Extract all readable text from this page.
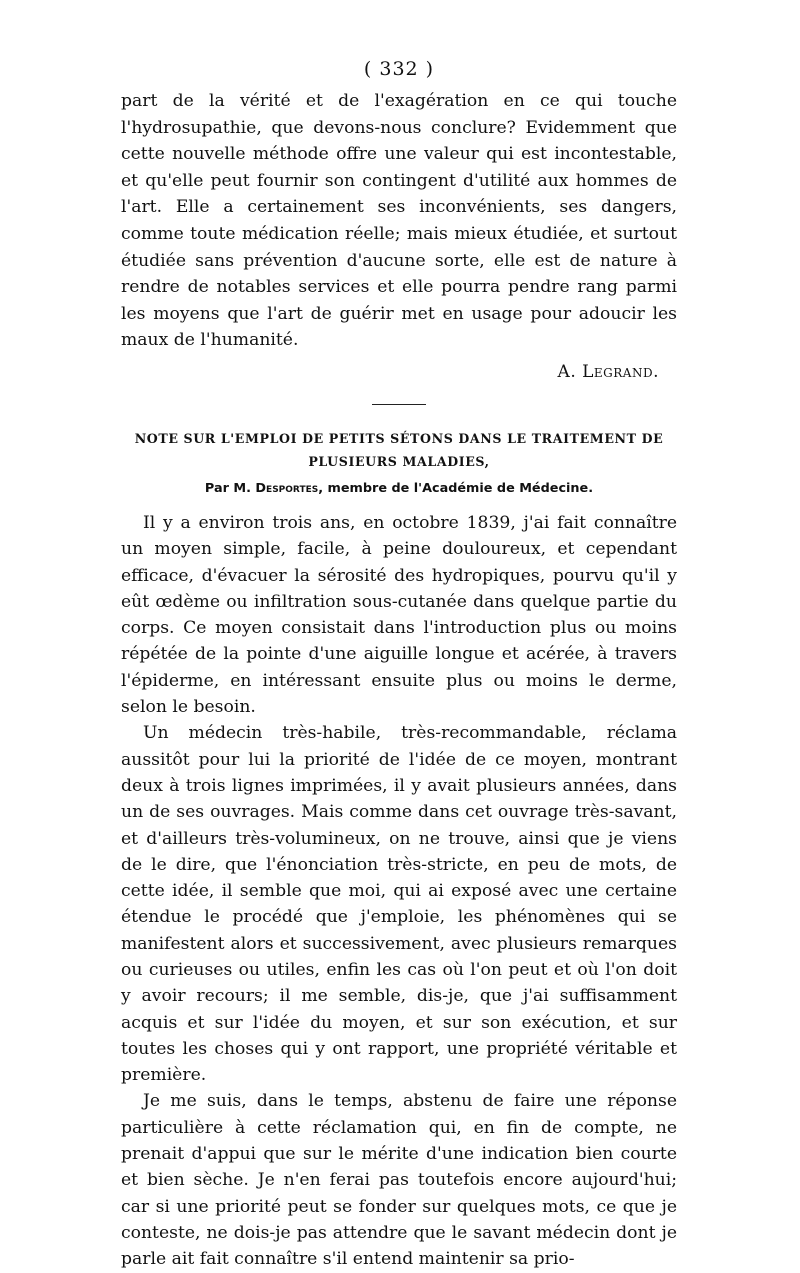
( 332 )

part de la vérité et de l'exagération en ce qui touche l'hydrosupathie, que devons-nous conclure? Evidemment que cette nouvelle méthode offre une valeur qui est incontestable, et qu'elle peut fournir son contingent d'utilité aux hommes de l'art. Elle a certainement ses inconvénients, ses dangers, comme toute médication réelle; mais mieux étudiée, et surtout étudiée sans prévention d'aucune sorte, elle est de nature à rendre de notables services et elle pourra pendre rang parmi les moyens que l'art de guérir met en usage pour adoucir les maux de l'humanité.

A. Legrand.
NOTE SUR L'EMPLOI DE PETITS SÉTONS DANS LE TRAITEMENT DE PLUSIEURS MALADIES,
Par M. Desportes, membre de l'Académie de Médecine.

Il y a environ trois ans, en octobre 1839, j'ai fait connaître un moyen simple, facile, à peine douloureux, et cependant efficace, d'évacuer la sérosité des hydropiques, pourvu qu'il y eût œdème ou infiltration sous-cutanée dans quelque partie du corps. Ce moyen consistait dans l'introduction plus ou moins répétée de la pointe d'une aiguille longue et acérée, à travers l'épiderme, en intéressant ensuite plus ou moins le derme, selon le besoin.

Un médecin très-habile, très-recommandable, réclama aussitôt pour lui la priorité de l'idée de ce moyen, montrant deux à trois lignes imprimées, il y avait plusieurs années, dans un de ses ouvrages. Mais comme dans cet ouvrage très-savant, et d'ailleurs très-volumineux, on ne trouve, ainsi que je viens de le dire, que l'énonciation très-stricte, en peu de mots, de cette idée, il semble que moi, qui ai exposé avec une certaine étendue le procédé que j'emploie, les phénomènes qui se manifestent alors et successivement, avec plusieurs remarques ou curieuses ou utiles, enfin les cas où l'on peut et où l'on doit y avoir recours; il me semble, dis-je, que j'ai suffisamment acquis et sur l'idée du moyen, et sur son exécution, et sur toutes les choses qui y ont rapport, une propriété véritable et première.

Je me suis, dans le temps, abstenu de faire une réponse particulière à cette réclamation qui, en fin de compte, ne prenait d'appui que sur le mérite d'une indication bien courte et bien sèche. Je n'en ferai pas toutefois encore aujourd'hui; car si une priorité peut se fonder sur quelques mots, ce que je conteste, ne dois-je pas attendre que le savant médecin dont je parle ait fait connaître s'il entend maintenir sa prio-
